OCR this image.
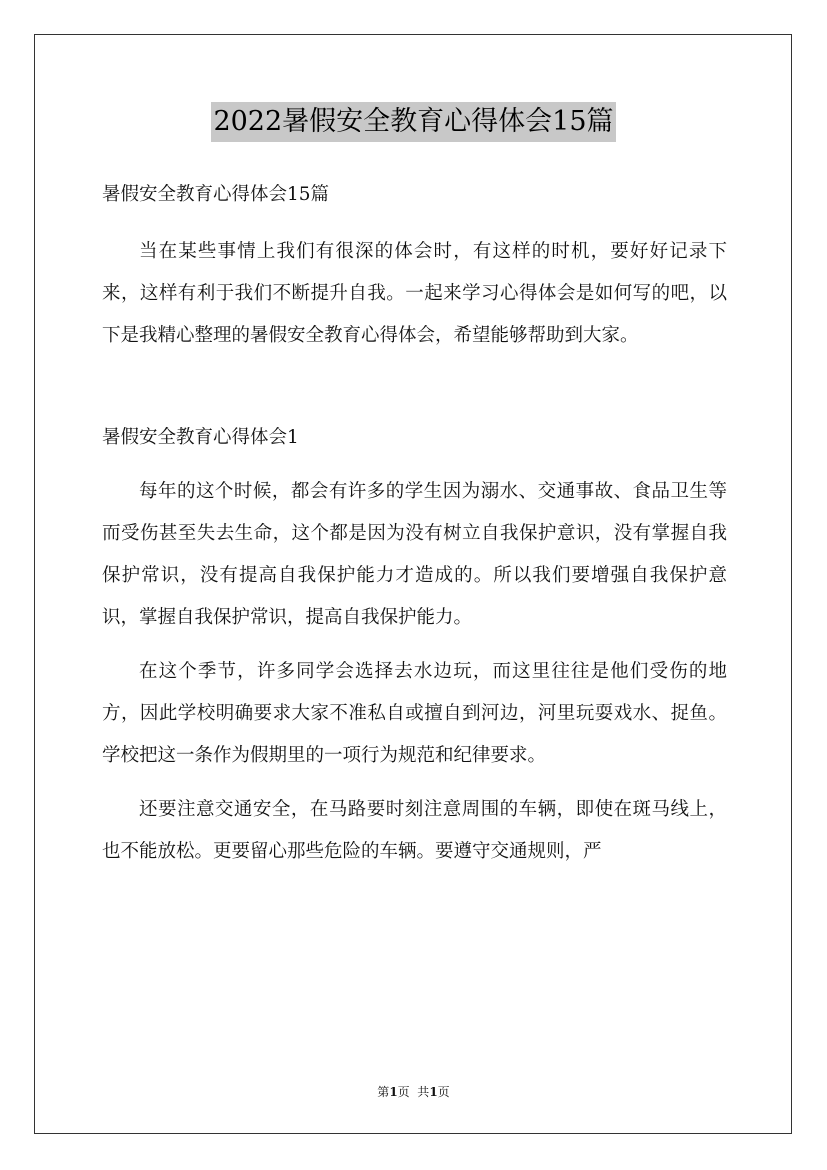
2022暑假安全教育心得体会15篇

暑假安全教育心得体会15篇

当在某些事情上我们有很深的体会时，有这样的时机，要好好记录下来，这样有利于我们不断提升自我。一起来学习心得体会是如何写的吧，以下是我精心整理的暑假安全教育心得体会，希望能够帮助到大家。

暑假安全教育心得体会1

每年的这个时候，都会有许多的学生因为溺水、交通事故、食品卫生等而受伤甚至失去生命，这个都是因为没有树立自我保护意识，没有掌握自我保护常识，没有提高自我保护能力才造成的。所以我们要增强自我保护意识，掌握自我保护常识，提高自我保护能力。

在这个季节，许多同学会选择去水边玩，而这里往往是他们受伤的地方，因此学校明确要求大家不准私自或擅自到河边，河里玩耍戏水、捉鱼。学校把这一条作为假期里的一项行为规范和纪律要求。

还要注意交通安全，在马路要时刻注意周围的车辆，即使在斑马线上，也不能放松。更要留心那些危险的车辆。要遵守交通规则，严

第1页  共1页
